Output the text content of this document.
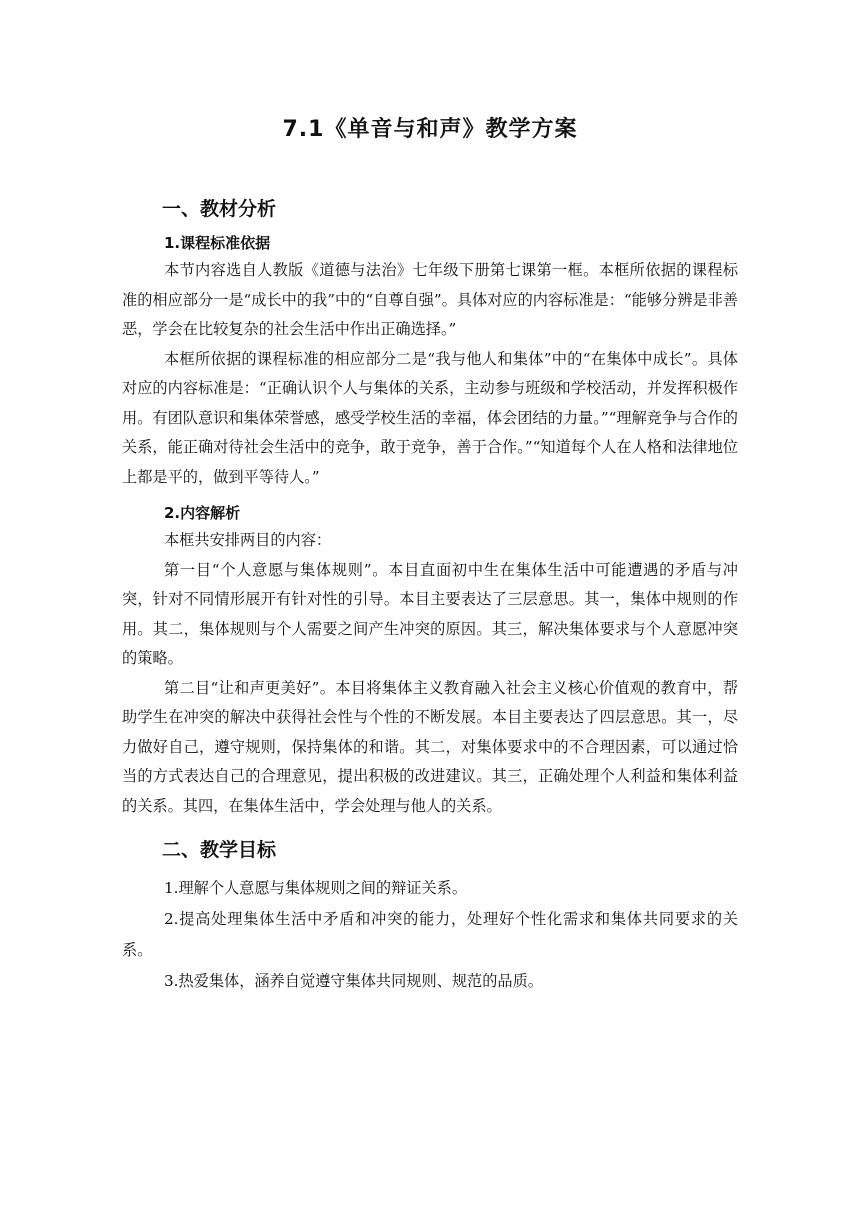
7.1《单音与和声》教学方案
一、教材分析
1.课程标准依据

本节内容选自人教版《道德与法治》七年级下册第七课第一框。本框所依据的课程标准的相应部分一是“成长中的我”中的“自尊自强”。具体对应的内容标准是：“能够分辨是非善恶，学会在比较复杂的社会生活中作出正确选择。”

本框所依据的课程标准的相应部分二是“我与他人和集体”中的“在集体中成长”。具体对应的内容标准是：“正确认识个人与集体的关系，主动参与班级和学校活动，并发挥积极作用。有团队意识和集体荣誉感，感受学校生活的幸福，体会团结的力量。”“理解竞争与合作的关系，能正确对待社会生活中的竞争，敢于竞争，善于合作。”“知道每个人在人格和法律地位上都是平的，做到平等待人。”

2.内容解析

本框共安排两目的内容：

第一目“个人意愿与集体规则”。本目直面初中生在集体生活中可能遭遇的矛盾与冲突，针对不同情形展开有针对性的引导。本目主要表达了三层意思。其一，集体中规则的作用。其二，集体规则与个人需要之间产生冲突的原因。其三，解决集体要求与个人意愿冲突的策略。

第二目“让和声更美好”。本目将集体主义教育融入社会主义核心价值观的教育中，帮助学生在冲突的解决中获得社会性与个性的不断发展。本目主要表达了四层意思。其一，尽力做好自己，遵守规则，保持集体的和谐。其二，对集体要求中的不合理因素，可以通过恰当的方式表达自己的合理意见，提出积极的改进建议。其三，正确处理个人利益和集体利益的关系。其四，在集体生活中，学会处理与他人的关系。

二、教学目标

1.理解个人意愿与集体规则之间的辩证关系。

2.提高处理集体生活中矛盾和冲突的能力，处理好个性化需求和集体共同要求的关系。

3.热爱集体，涵养自觉遵守集体共同规则、规范的品质。
